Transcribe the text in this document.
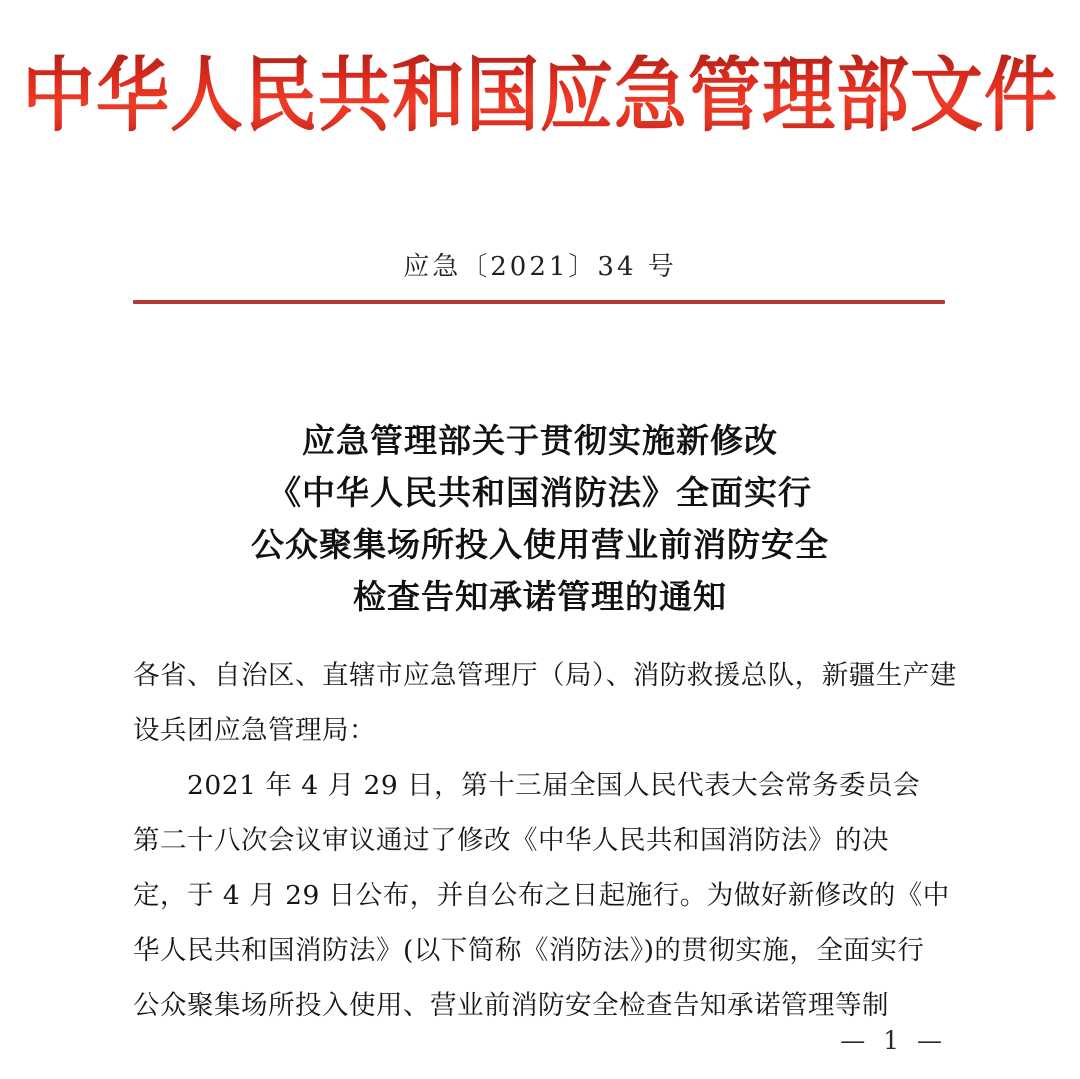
中华人民共和国应急管理部文件
应急〔2021〕34 号
应急管理部关于贯彻实施新修改
《中华人民共和国消防法》全面实行
公众聚集场所投入使用营业前消防安全
检查告知承诺管理的通知
各省、自治区、直辖市应急管理厅（局）、消防救援总队，新疆生产建
设兵团应急管理局：
2021 年 4 月 29 日，第十三届全国人民代表大会常务委员会
第二十八次会议审议通过了修改《中华人民共和国消防法》的决
定，于 4 月 29 日公布，并自公布之日起施行。为做好新修改的《中
华人民共和国消防法》(以下简称《消防法》)的贯彻实施，全面实行
公众聚集场所投入使用、营业前消防安全检查告知承诺管理等制
— 1 —
